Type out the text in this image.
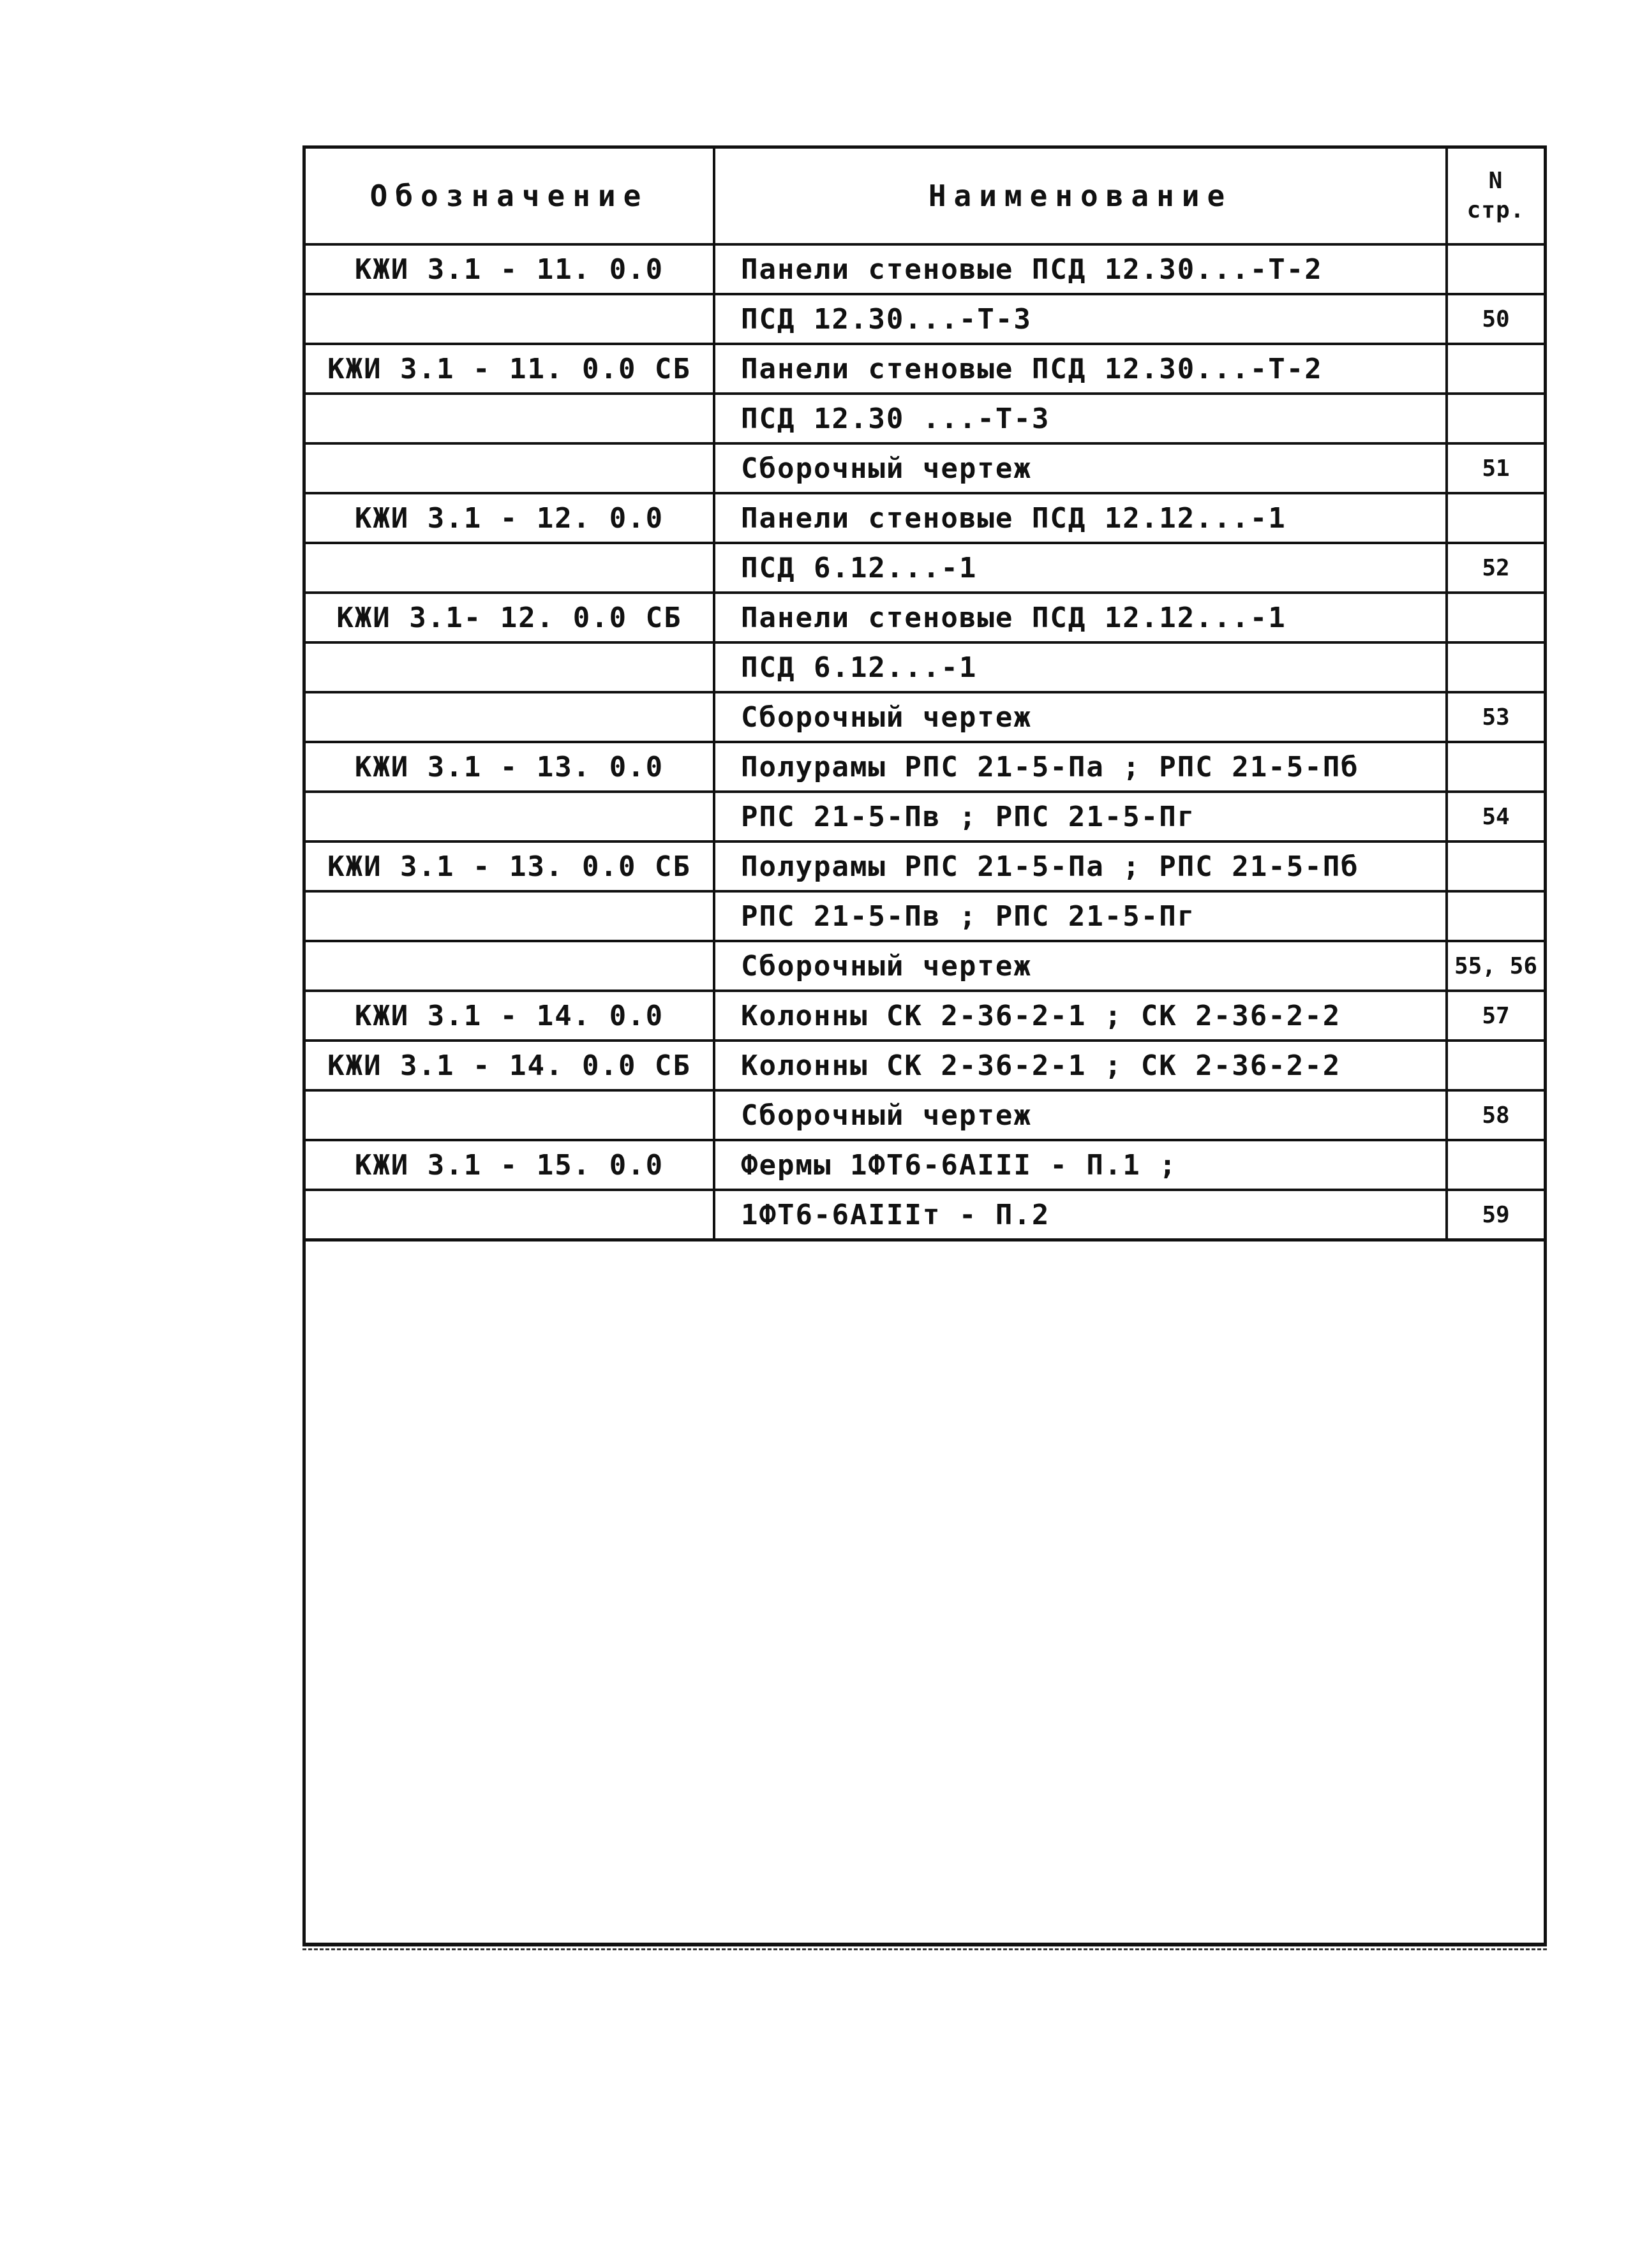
Обозначение	Наименование	N
стр.
КЖИ 3.1 - 11. 0.0	Панели стеновые ПСД 12.30...-Т-2	
	ПСД 12.30...-Т-3	50
КЖИ 3.1 - 11. 0.0 СБ	Панели стеновые ПСД 12.30...-Т-2	
	ПСД 12.30 ...-Т-3	
	Сборочный чертеж	51
КЖИ 3.1 - 12. 0.0	Панели стеновые ПСД 12.12...-1	
	ПСД 6.12...-1	52
КЖИ 3.1- 12. 0.0 СБ	Панели стеновые ПСД 12.12...-1	
	ПСД 6.12...-1	
	Сборочный чертеж	53
КЖИ 3.1 - 13. 0.0	Полурамы РПС 21-5-Па ; РПС 21-5-Пб	
	РПС 21-5-Пв ; РПС 21-5-Пг	54
КЖИ 3.1 - 13. 0.0 СБ	Полурамы РПС 21-5-Па ; РПС 21-5-Пб	
	РПС 21-5-Пв ; РПС 21-5-Пг	
	Сборочный чертеж	55, 56
КЖИ 3.1 - 14. 0.0	Колонны СК 2-36-2-1 ; СК 2-36-2-2	57
КЖИ 3.1 - 14. 0.0 СБ	Колонны СК 2-36-2-1 ; СК 2-36-2-2	
	Сборочный чертеж	58
КЖИ 3.1 - 15. 0.0	Фермы 1ФТ6-6АIII - П.1 ;	
	1ФТ6-6АIIIт - П.2	59
